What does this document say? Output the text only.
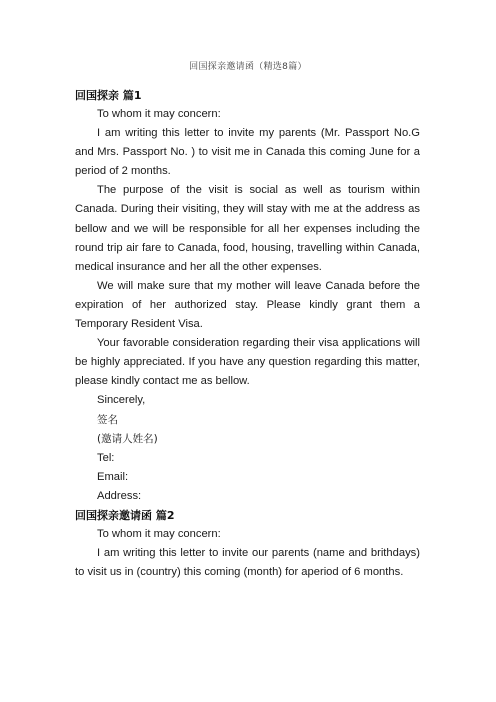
回国探亲邀请函（精选8篇）
回国探亲 篇1
To whom it may concern:

I am writing this letter to invite my parents (Mr. Passport No.G and Mrs. Passport No. ) to visit me in Canada this coming June for a period of 2 months.

The purpose of the visit is social as well as tourism within Canada. During their visiting, they will stay with me at the address as bellow and we will be responsible for all her expenses including the round trip air fare to Canada, food, housing, travelling within Canada, medical insurance and her all the other expenses.

We will make sure that my mother will leave Canada before the expiration of her authorized stay. Please kindly grant them a Temporary Resident Visa.

Your favorable consideration regarding their visa applications will be highly appreciated. If you have any question regarding this matter, please kindly contact me as bellow.

Sincerely,
签名
(邀请人姓名)
Tel:
Email:
Address:
回国探亲邀请函 篇2
To whom it may concern:

I am writing this letter to invite our parents (name and brithdays) to visit us in (country) this coming (month) for aperiod of 6 months.
